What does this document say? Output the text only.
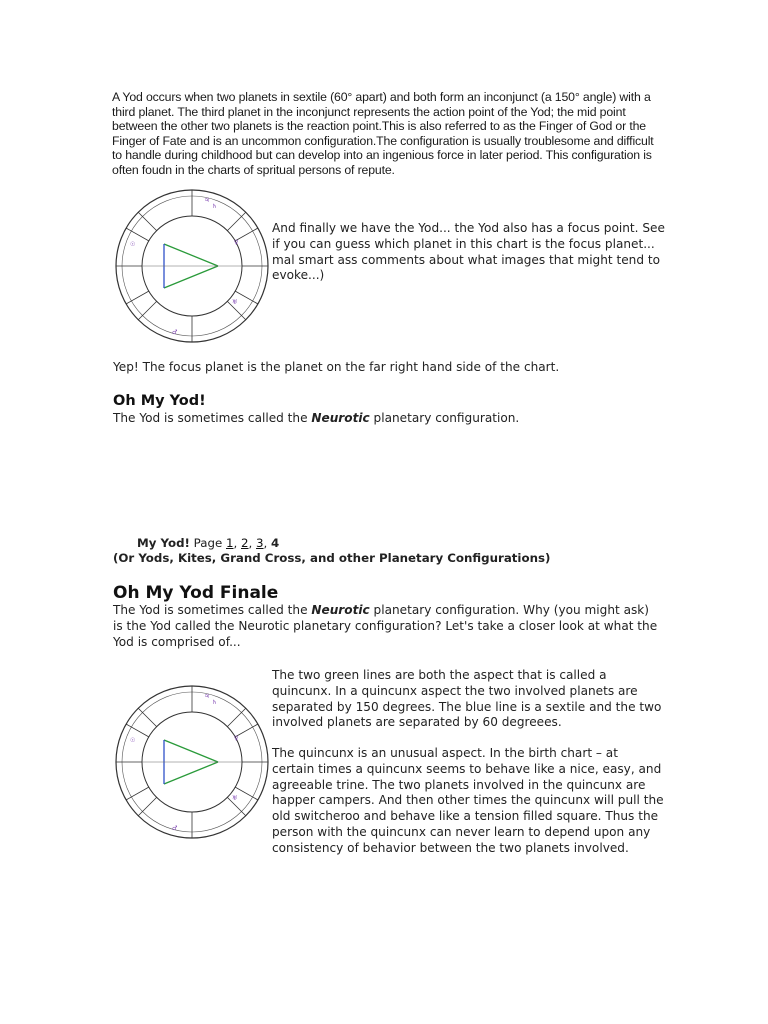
A Yod occurs when two planets in sextile (60° apart) and both form an inconjunct (a 150° angle) with a third planet. The third planet in the inconjunct represents the action point of the Yod; the mid point between the other two planets is the reaction point.This is also referred to as the Finger of God or the Finger of Fate and is an uncommon configuration.The configuration is usually troublesome and difficult to handle during childhood but can develop into an ingenious force in later period. This configuration is often foudn in the charts of spritual persons of repute.
♃
♄
♀
☉
♂
♅
And finally we have the Yod... the Yod also has a focus point. See if you can guess which planet in this chart is the focus planet... mal smart ass comments about what images that might tend to evoke...)
Yep! The focus planet is the planet on the far right hand side of the chart.
Oh My Yod!
The Yod is sometimes called the Neurotic planetary configuration.
My Yod! Page 1, 2, 3, 4
(Or Yods, Kites, Grand Cross, and other Planetary Configurations)
Oh My Yod Finale
The Yod is sometimes called the Neurotic planetary configuration. Why (you might ask) is the Yod called the Neurotic planetary configuration? Let's take a closer look at what the Yod is comprised of...
♃
♄
♀
☉
♂
♅
The two green lines are both the aspect that is called a quincunx. In a quincunx aspect the two involved planets are separated by 150 degrees. The blue line is a sextile and the two involved planets are separated by 60 degreees.
The quincunx is an unusual aspect. In the birth chart – at certain times a quincunx seems to behave like a nice, easy, and agreeable trine. The two planets involved in the quincunx are happer campers. And then other times the quincunx will pull the old switcheroo and behave like a tension filled square. Thus the person with the quincunx can never learn to depend upon any consistency of behavior between the two planets involved.
